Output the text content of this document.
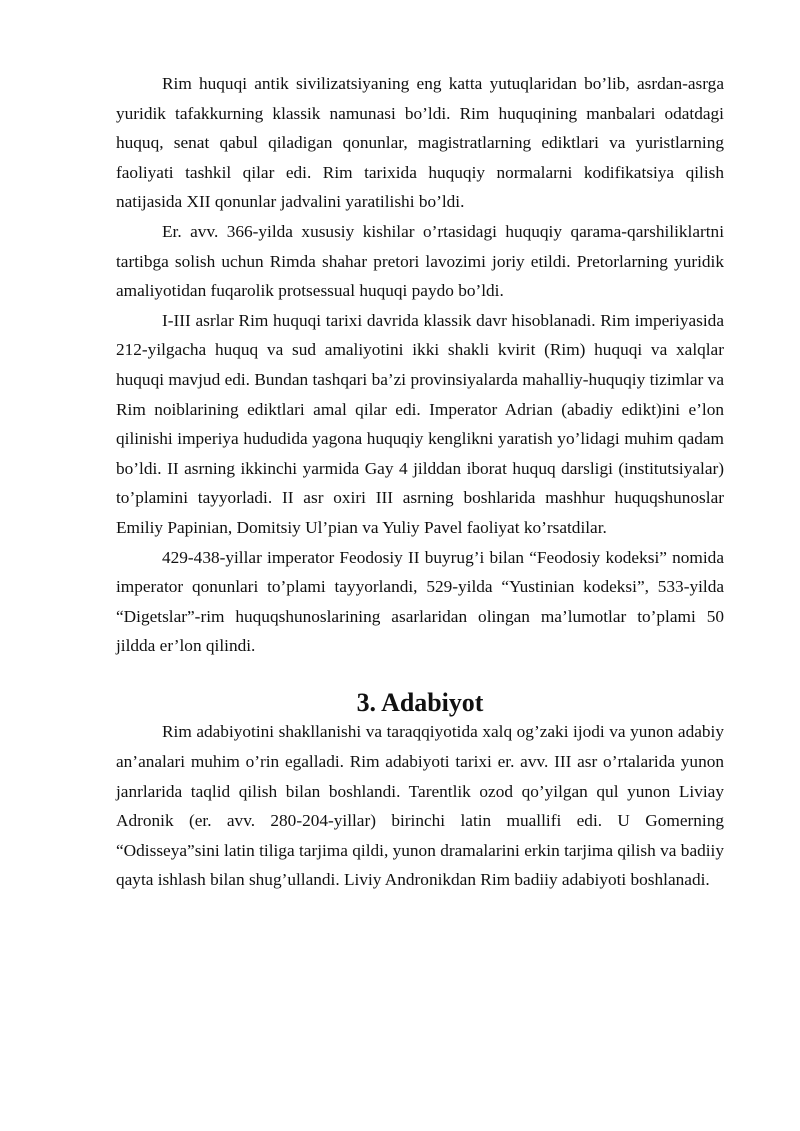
Rim huquqi antik sivilizatsiyaning eng katta yutuqlaridan bo’lib, asrdan-asrga yuridik tafakkurning klassik namunasi bo’ldi. Rim huquqining manbalari odatdagi huquq, senat qabul qiladigan qonunlar, magistratlarning ediktlari va yuristlarning faoliyati tashkil qilar edi. Rim tarixida huquqiy normalarni kodifikatsiya qilish natijasida XII qonunlar jadvalini yaratilishi bo’ldi.

Er. avv. 366-yilda xususiy kishilar o’rtasidagi huquqiy qarama-qarshiliklartni tartibga solish uchun Rimda shahar pretori lavozimi joriy etildi. Pretorlarning yuridik amaliyotidan fuqarolik protsessual huquqi paydo bo’ldi.

I-III asrlar Rim huquqi tarixi davrida klassik davr hisoblanadi. Rim imperiyasida 212-yilgacha huquq va sud amaliyotini ikki shakli kvirit (Rim) huquqi va xalqlar huquqi mavjud edi. Bundan tashqari ba’zi provinsiyalarda mahalliy-huquqiy tizimlar va Rim noiblarining ediktlari amal qilar edi. Imperator Adrian (abadiy edikt)ini e’lon qilinishi imperiya hududida yagona huquqiy kenglikni yaratish yo’lidagi muhim qadam bo’ldi. II asrning ikkinchi yarmida Gay 4 jilddan iborat huquq darsligi (institutsiyalar) to’plamini tayyorladi. II asr oxiri III asrning boshlarida mashhur huquqshunoslar Emiliy Papinian, Domitsiy Ul’pian va Yuliy Pavel faoliyat ko’rsatdilar.

429-438-yillar imperator Feodosiy II buyrug’i bilan “Feodosiy kodeksi” nomida imperator qonunlari to’plami tayyorlandi, 529-yilda “Yustinian kodeksi”, 533-yilda “Digetslar”-rim huquqshunoslarining asarlaridan olingan ma’lumotlar to’plami 50 jildda er’lon qilindi.

3. Adabiyot

Rim adabiyotini shakllanishi va taraqqiyotida xalq og’zaki ijodi va yunon adabiy an’analari muhim o’rin egalladi. Rim adabiyoti tarixi er. avv. III asr o’rtalarida yunon janrlarida taqlid qilish bilan boshlandi. Tarentlik ozod qo’yilgan qul yunon Liviay Adronik (er. avv. 280-204-yillar) birinchi latin muallifi edi. U Gomerning “Odisseya”sini latin tiliga tarjima qildi, yunon dramalarini erkin tarjima qilish va badiiy qayta ishlash bilan shug’ullandi. Liviy Andronikdan Rim badiiy adabiyoti boshlanadi.
